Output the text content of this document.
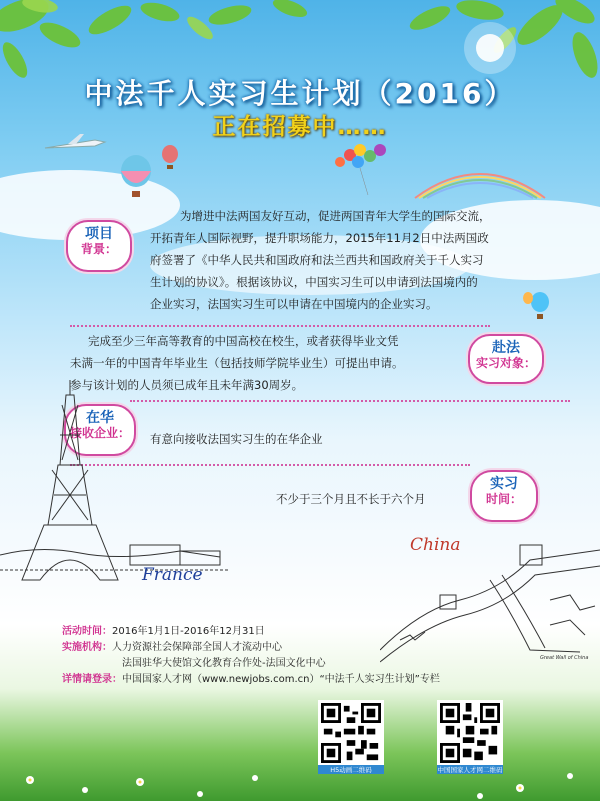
中法千人实习生计划（2016）
正在招募中……
项目
背景：
为增进中法两国友好互动，促进两国青年大学生的国际交流，
开拓青年人国际视野，提升职场能力，2015年11月2日中法两国政
府签署了《中华人民共和国政府和法兰西共和国政府关于千人实习
生计划的协议》。根据该协议，中国实习生可以申请到法国境内的
企业实习，法国实习生可以申请在中国境内的企业实习。
完成至少三年高等教育的中国高校在校生，或者获得毕业文凭
未满一年的中国青年毕业生（包括技师学院毕业生）可提出申请。
参与该计划的人员须已成年且未年满30周岁。
赴法
实习对象：
在华
接收企业：	有意向接收法国实习生的在华企业
不少于三个月且不长于六个月
实习
时间：
France
China
Great Wall of China
活动时间：2016年1月1日-2016年12月31日
实施机构：人力资源社会保障部全国人才流动中心
法国驻华大使馆文化教育合作处-法国文化中心
详情请登录：中国国家人才网（www.newjobs.com.cn）“中法千人实习生计划”专栏
H5动画二维码	中国国家人才网二维码
